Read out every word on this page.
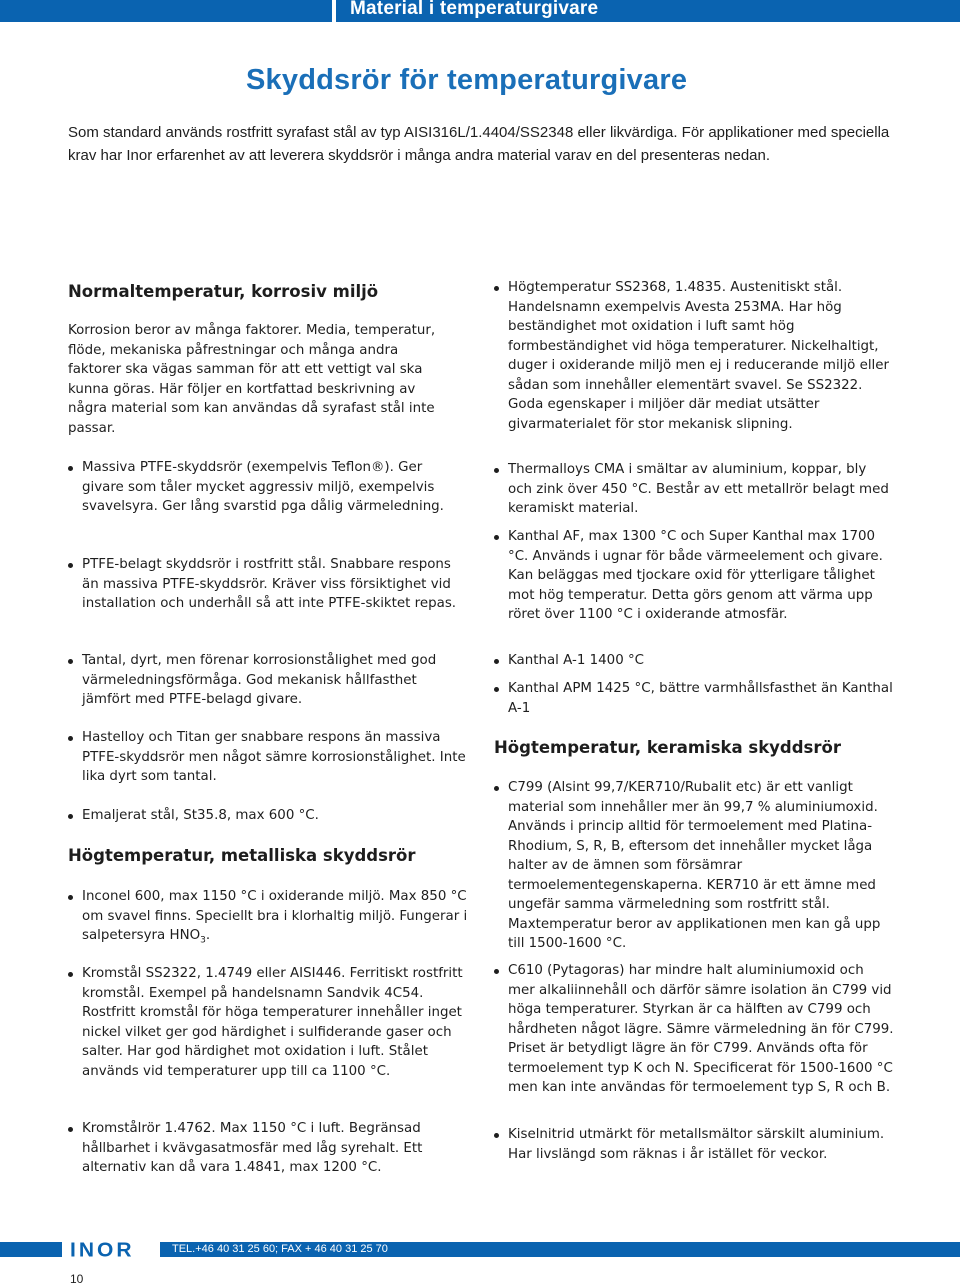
Material i temperaturgivare
Skyddsrör för temperaturgivare

Som standard används rostfritt syrafast stål av typ AISI316L/1.4404/SS2348 eller likvärdiga. För applikationer med speciella krav har Inor erfarenhet av att leverera skyddsrör i många andra material varav en del presenteras nedan.

Normaltemperatur, korrosiv miljö

Korrosion beror av många faktorer. Media, temperatur, flöde, mekaniska påfrestningar och många andra faktorer ska vägas samman för att ett vettigt val ska kunna göras. Här följer en kortfattad beskrivning av några material som kan användas då syrafast stål inte passar.

Massiva PTFE-skyddsrör (exempelvis Teflon®). Ger givare som tåler mycket aggressiv miljö, exempelvis svavelsyra. Ger lång svarstid pga dålig värmeledning.

PTFE-belagt skyddsrör i rostfritt stål. Snabbare respons än massiva PTFE-skyddsrör. Kräver viss försiktighet vid installation och underhåll så att inte PTFE-skiktet repas.

Tantal, dyrt, men förenar korrosionstålighet med god värmeledningsförmåga. God mekanisk hållfasthet jämfört med PTFE-belagd givare.

Hastelloy och Titan ger snabbare respons än massiva PTFE-skyddsrör men något sämre korrosionstålighet. Inte lika dyrt som tantal.

Emaljerat stål, St35.8, max 600 °C.

Högtemperatur, metalliska skyddsrör

Inconel 600, max 1150 °C i oxiderande miljö. Max 850 °C om svavel finns. Speciellt bra i klorhaltig miljö. Fungerar i salpetersyra $HNO_3$.

Kromstål SS2322, 1.4749 eller AISI446. Ferritiskt rostfritt kromstål. Exempel på handelsnamn Sandvik 4C54. Rostfritt kromstål för höga temperaturer innehåller inget nickel vilket ger god härdighet i sulfiderande gaser och salter. Har god härdighet mot oxidation i luft. Stålet används vid temperaturer upp till ca 1100 °C.

Kromstålrör 1.4762. Max 1150 °C i luft. Begränsad hållbarhet i kvävgasatmosfär med låg syrehalt. Ett alternativ kan då vara 1.4841, max 1200 °C.

Högtemperatur SS2368, 1.4835. Austenitiskt stål. Handelsnamn exempelvis Avesta 253MA. Har hög beständighet mot oxidation i luft samt hög formbeständighet vid höga temperaturer. Nickelhaltigt, duger i oxiderande miljö men ej i reducerande miljö eller sådan som innehåller elementärt svavel. Se SS2322. Goda egenskaper i miljöer där mediat utsätter givarmaterialet för stor mekanisk slipning.

Thermalloys CMA i smältar av aluminium, koppar, bly och zink över 450 °C. Består av ett metallrör belagt med keramiskt material.

Kanthal AF, max 1300 °C och Super Kanthal max 1700 °C. Används i ugnar för både värmeelement och givare. Kan beläggas med tjockare oxid för ytterligare tålighet mot hög temperatur. Detta görs genom att värma upp röret över 1100 °C i oxiderande atmosfär.

Kanthal A-1 1400 °C

Kanthal APM 1425 °C, bättre varmhållsfasthet än Kanthal A-1

Högtemperatur, keramiska skyddsrör

C799 (Alsint 99,7/KER710/Rubalit etc) är ett vanligt material som innehåller mer än 99,7 % aluminiumoxid. Används i princip alltid för termoelement med Platina-Rhodium, S, R, B, eftersom det innehåller mycket låga halter av de ämnen som försämrar termoelementegenskaperna. KER710 är ett ämne med ungefär samma värmeledning som rostfritt stål. Maxtemperatur beror av applikationen men kan gå upp till 1500-1600 °C.

C610 (Pytagoras) har mindre halt aluminiumoxid och mer alkaliinnehåll och därför sämre isolation än C799 vid höga temperaturer. Styrkan är ca hälften av C799 och hårdheten något lägre. Sämre värmeledning än för C799. Priset är betydligt lägre än för C799. Används ofta för termoelement typ K och N. Specificerat för 1500-1600 °C men kan inte användas för termoelement typ S, R och B.

Kiselnitrid utmärkt för metallsmältor särskilt aluminium. Har livslängd som räknas i år istället för veckor.

INOR	TEL.+46 40 31 25 60; FAX + 46 40 31 25 70

10
